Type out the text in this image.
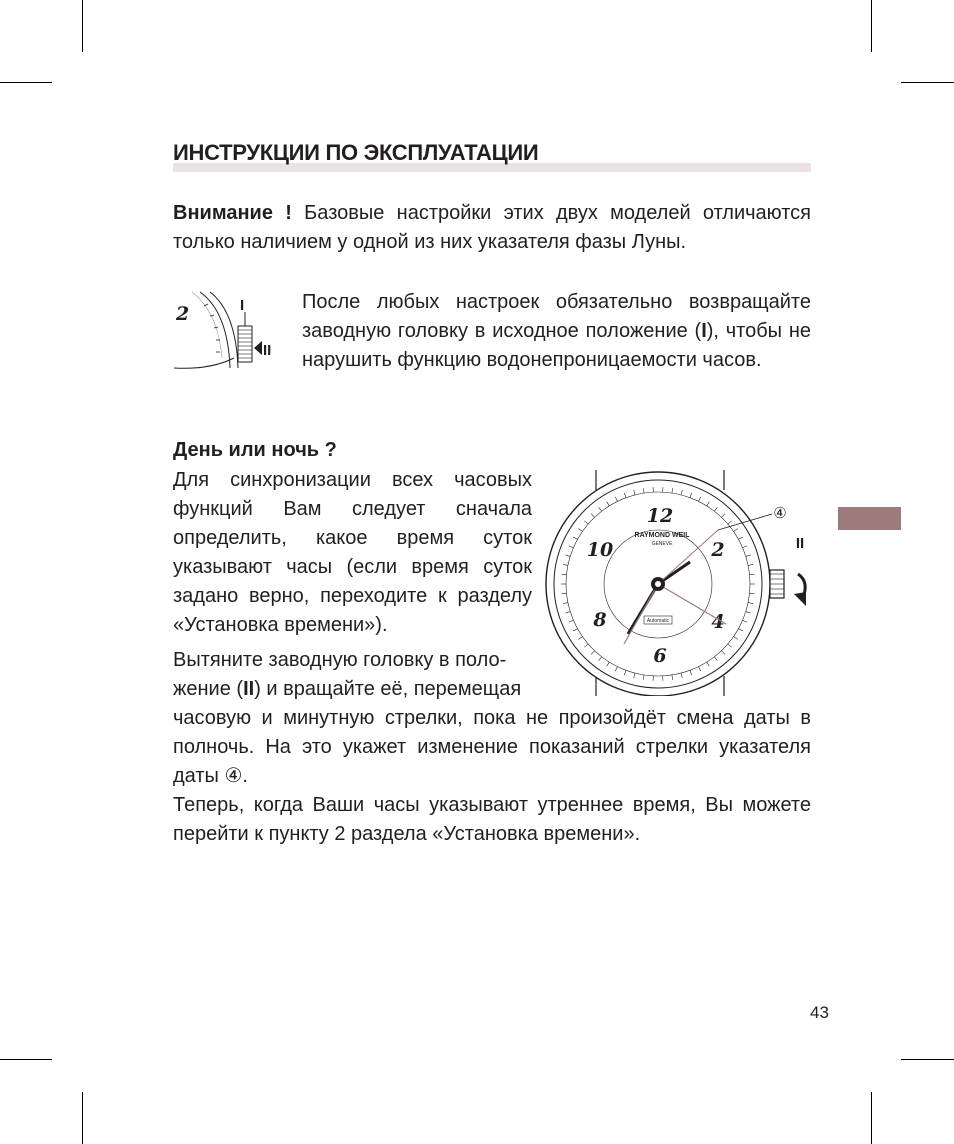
ИНСТРУКЦИИ ПО ЭКСПЛУАТАЦИИ
Внимание ! Базовые настройки этих двух моделей отличаются только наличием у одной из них указателя фазы Луны.
2	I
II
После любых настроек обязательно возвращайте заводную головку в исходное положение (I), чтобы не нарушить функцию водонепроницаемости часов.
День или ночь ?
Для синхронизации всех часовых функций Вам следует сначала определить, какое время суток указывают часы (если время суток задано верно, переходите к разделу «Установка времени»).
Вытяните заводную головку в поло-
жение (II) и вращайте её, перемещая
часовую и минутную стрелки, пока не произойдёт смена даты в полночь. На это укажет изменение показаний стрелки указателя даты ④.
Теперь, когда Ваши часы указывают утреннее время, Вы можете перейти к пункту 2 раздела «Установка времени».
RAYMOND WEIL
GENEVE
12
2
4
6
8
10
Automatic
④
II
43
